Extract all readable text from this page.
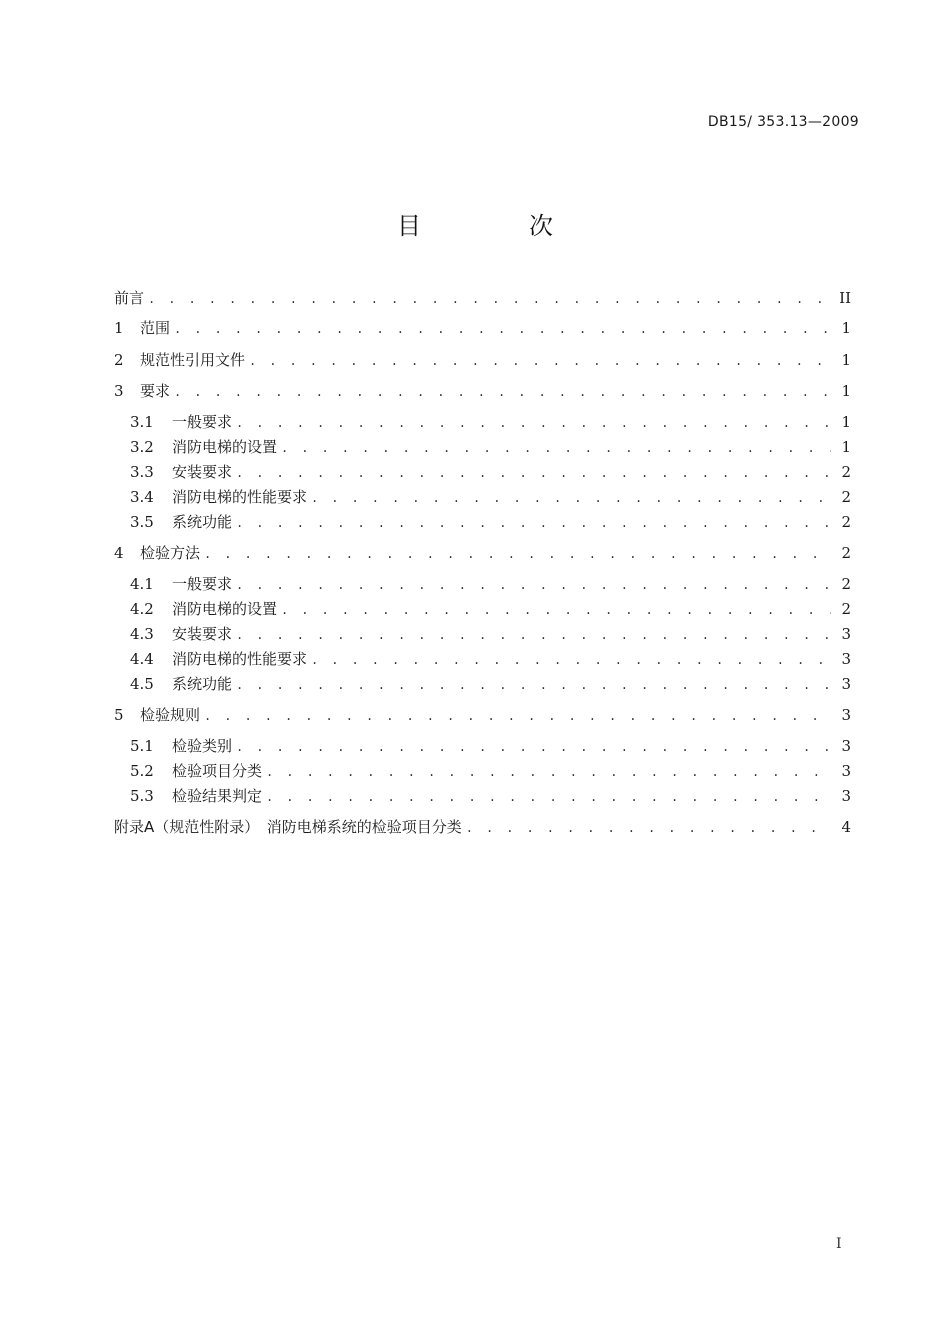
DB15/ 353.13—2009
目　次
前言 . . .	II
1	范围 . . .	1
2	规范性引用文件 . . .	1
3	要求 . . .	1
3.1	一般要求 . . .	1
3.2	消防电梯的设置 . . .	1
3.3	安装要求 . . .	2
3.4	消防电梯的性能要求 . . .	2
3.5	系统功能 . . .	2
4	检验方法 . . .	2
4.1	一般要求 . . .	2
4.2	消防电梯的设置 . . .	2
4.3	安装要求 . . .	3
4.4	消防电梯的性能要求 . . .	3
4.5	系统功能 . . .	3
5	检验规则 . . .	3
5.1	检验类别 . . .	3
5.2	检验项目分类 . . .	3
5.3	检验结果判定 . . .	3
附录A（规范性附录）　消防电梯系统的检验项目分类 . . .	4
I
